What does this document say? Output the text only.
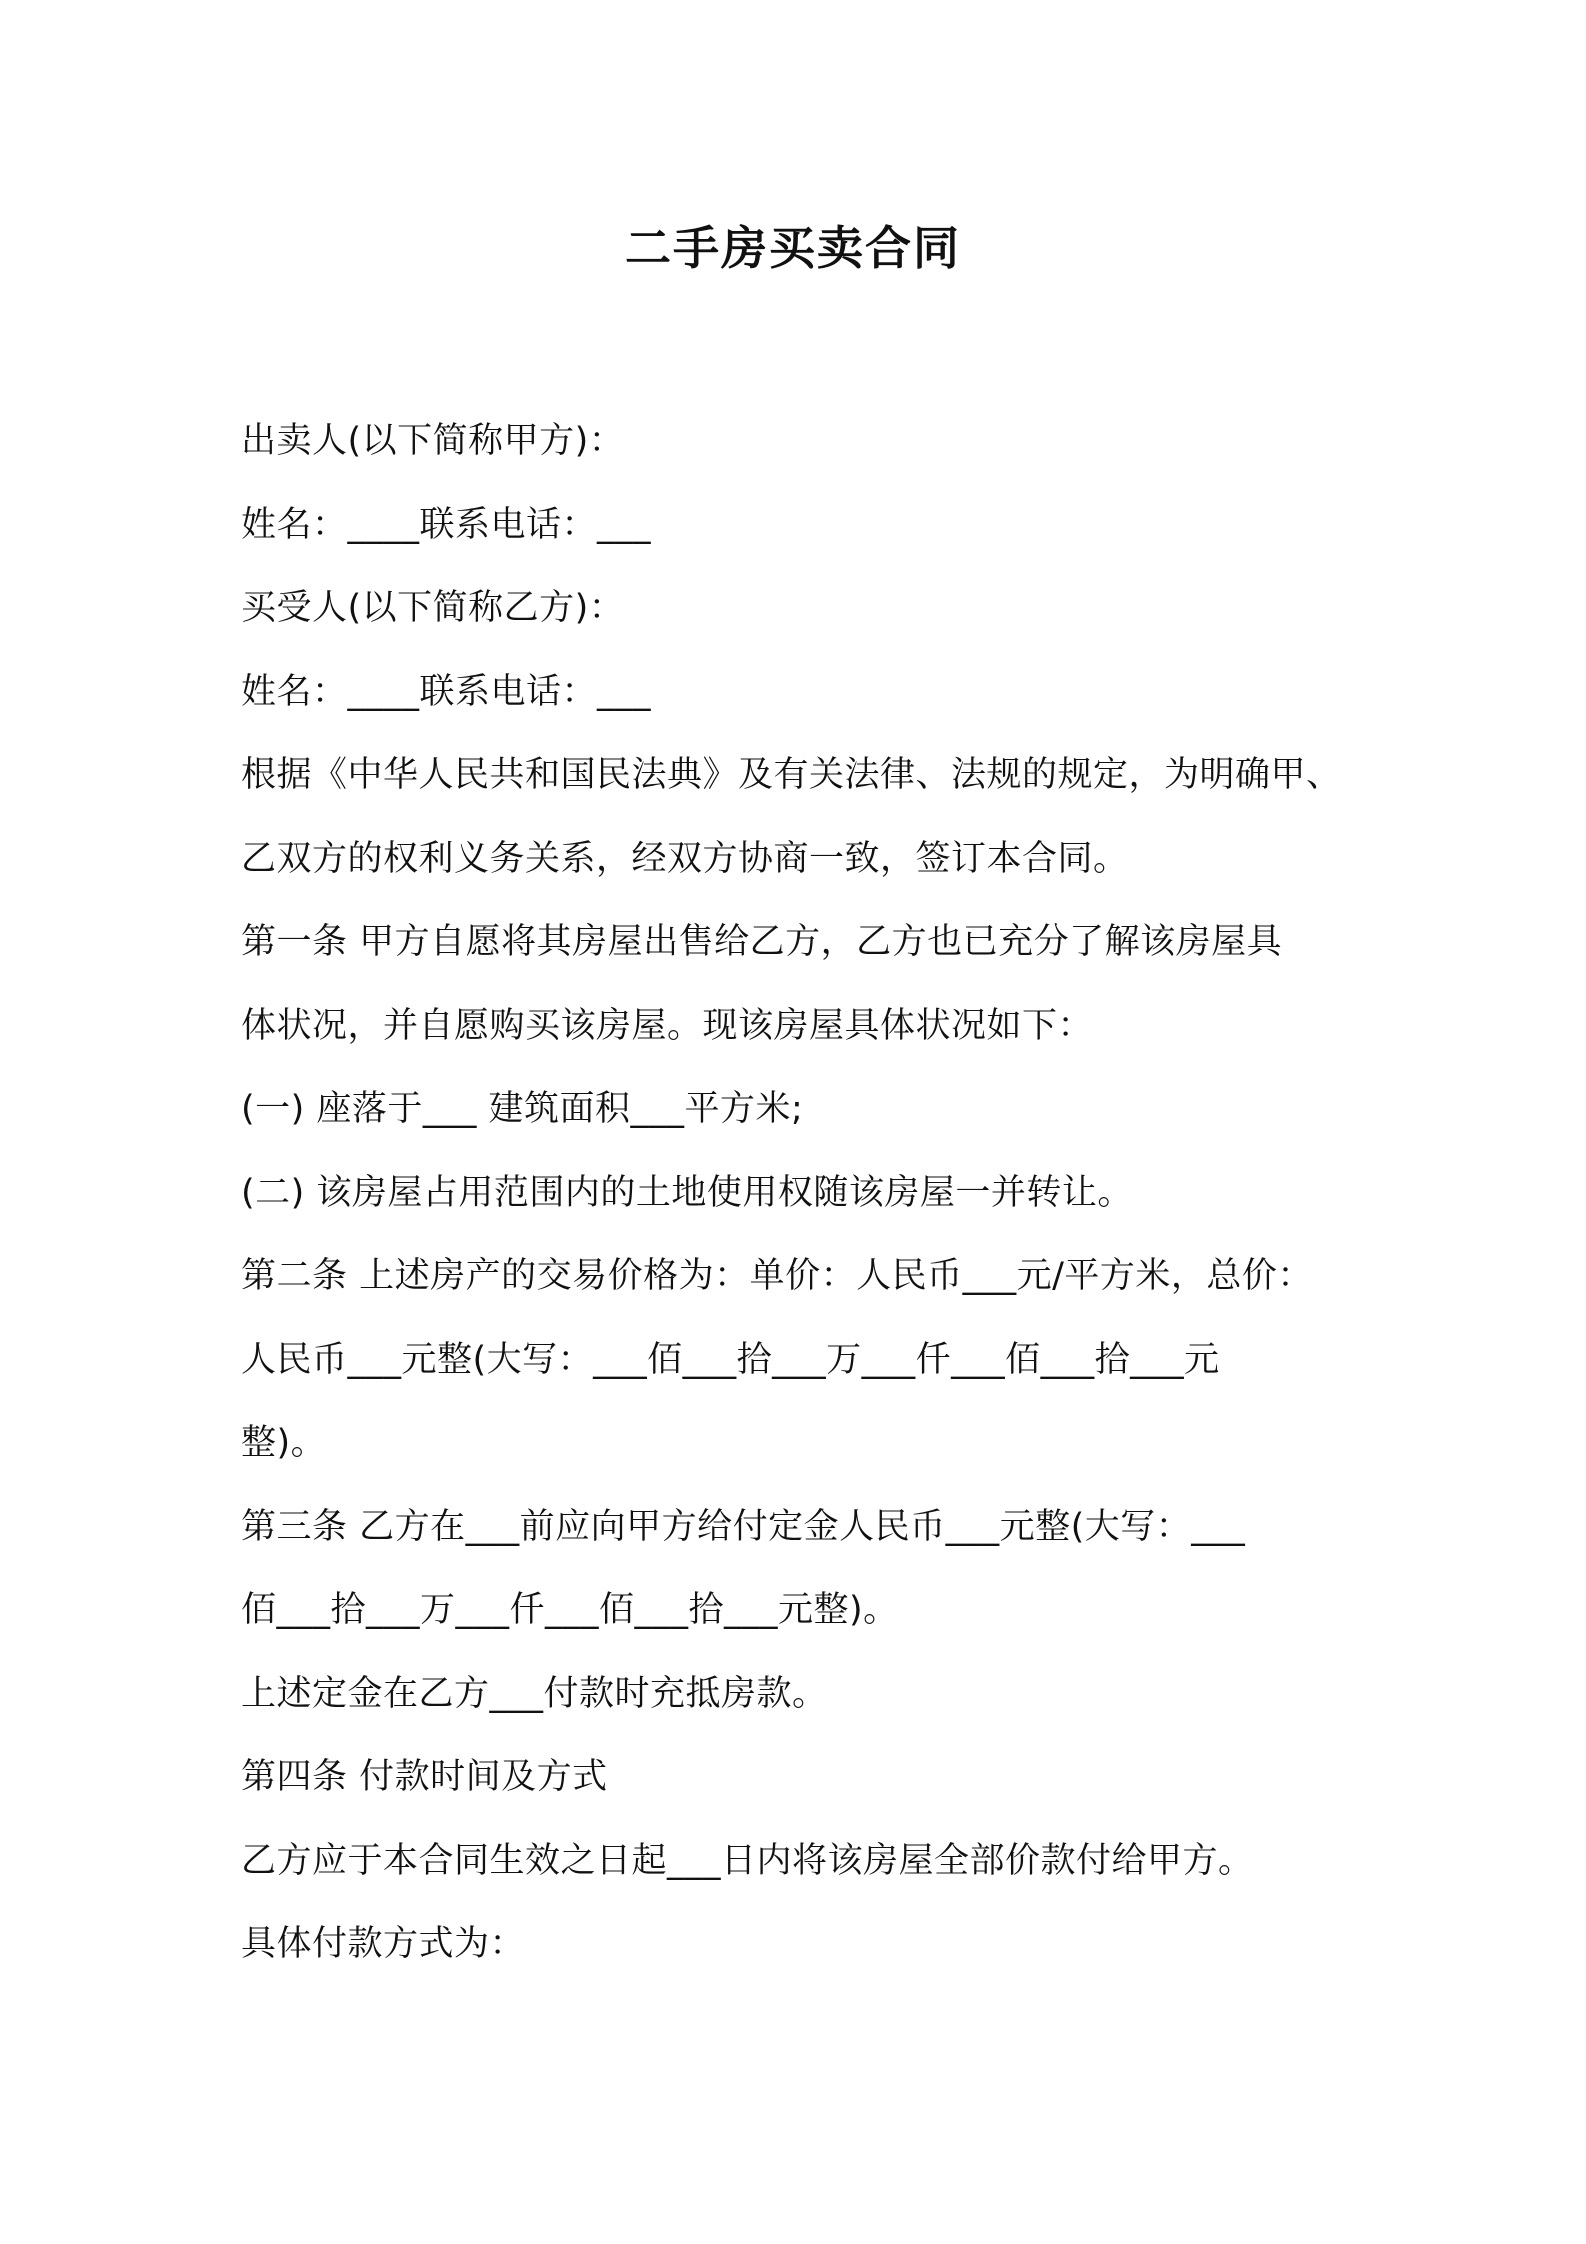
二手房买卖合同
出卖人(以下简称甲方)：
姓名：____联系电话：___
买受人(以下简称乙方)：
姓名：____联系电话：___
根据《中华人民共和国民法典》及有关法律、法规的规定，为明确甲、
乙双方的权利义务关系，经双方协商一致，签订本合同。
第一条 甲方自愿将其房屋出售给乙方，乙方也已充分了解该房屋具
体状况，并自愿购买该房屋。现该房屋具体状况如下：
(一) 座落于___ 建筑面积___平方米;
(二) 该房屋占用范围内的土地使用权随该房屋一并转让。
第二条 上述房产的交易价格为：单价：人民币___元/平方米，总价：
人民币___元整(大写：___佰___拾___万___仟___佰___拾___元
整)。
第三条 乙方在___前应向甲方给付定金人民币___元整(大写：___
佰___拾___万___仟___佰___拾___元整)。
上述定金在乙方___付款时充抵房款。
第四条 付款时间及方式
乙方应于本合同生效之日起___日内将该房屋全部价款付给甲方。
具体付款方式为：
